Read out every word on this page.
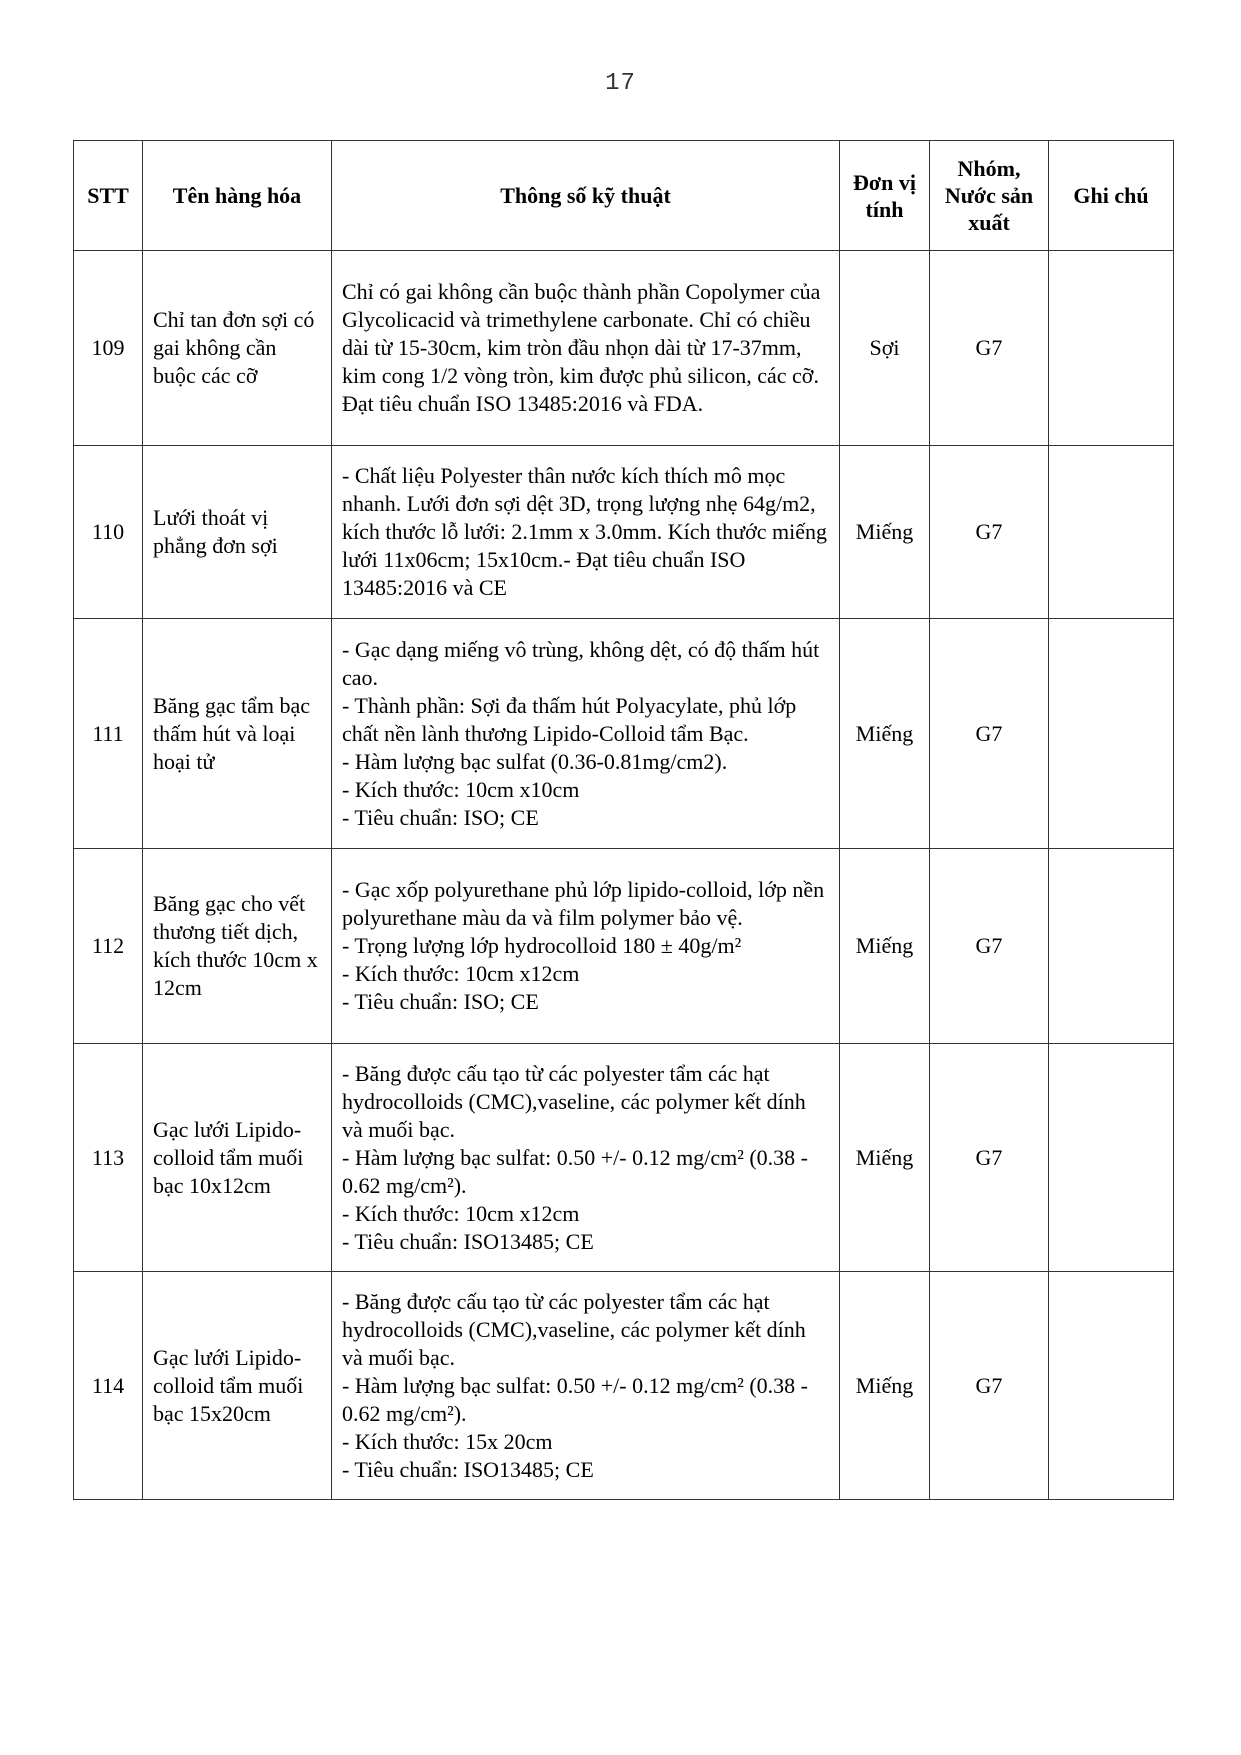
17
STT	Tên hàng hóa	Thông số kỹ thuật	Đơn vị tính	Nhóm, Nước sản xuất	Ghi chú
109	Chỉ tan đơn sợi có gai không cần buộc các cỡ	Chỉ có gai không cần buộc thành phần Copolymer của Glycolicacid và trimethylene carbonate. Chỉ có chiều dài từ 15-30cm, kim tròn đầu nhọn dài từ 17-37mm, kim cong 1/2 vòng tròn, kim được phủ silicon, các cỡ. Đạt tiêu chuẩn ISO 13485:2016 và FDA.	Sợi	G7	
110	Lưới thoát vị phẳng đơn sợi	- Chất liệu Polyester thân nước kích thích mô mọc nhanh. Lưới đơn sợi dệt 3D, trọng lượng nhẹ 64g/m2, kích thước lỗ lưới: 2.1mm x 3.0mm. Kích thước miếng lưới 11x06cm; 15x10cm.- Đạt tiêu chuẩn ISO 13485:2016 và CE	Miếng	G7	
111	Băng gạc tẩm bạc thấm hút và loại hoại tử	- Gạc dạng miếng vô trùng, không dệt, có độ thấm hút cao.
- Thành phần: Sợi đa thấm hút Polyacylate, phủ lớp chất nền lành thương Lipido-Colloid tẩm Bạc.
- Hàm lượng bạc sulfat (0.36-0.81mg/cm2).
- Kích thước: 10cm x10cm
- Tiêu chuẩn: ISO; CE	Miếng	G7	
112	Băng gạc cho vết thương tiết dịch, kích thước 10cm x 12cm	- Gạc xốp polyurethane phủ lớp lipido-colloid, lớp nền polyurethane màu da và film polymer bảo vệ.
- Trọng lượng lớp hydrocolloid 180 ± 40g/m²
- Kích thước: 10cm x12cm
- Tiêu chuẩn: ISO; CE	Miếng	G7	
113	Gạc lưới Lipido-colloid tẩm muối bạc 10x12cm	- Băng được cấu tạo từ các polyester tẩm các hạt hydrocolloids (CMC),vaseline, các polymer kết dính và muối bạc.
- Hàm lượng bạc sulfat: 0.50 +/- 0.12 mg/cm² (0.38 - 0.62 mg/cm²).
- Kích thước: 10cm x12cm
- Tiêu chuẩn: ISO13485; CE	Miếng	G7	
114	Gạc lưới Lipido-colloid tẩm muối bạc 15x20cm	- Băng được cấu tạo từ các polyester tẩm các hạt hydrocolloids (CMC),vaseline, các polymer kết dính và muối bạc.
- Hàm lượng bạc sulfat: 0.50 +/- 0.12 mg/cm² (0.38 - 0.62 mg/cm²).
- Kích thước: 15x 20cm
- Tiêu chuẩn: ISO13485; CE	Miếng	G7	
